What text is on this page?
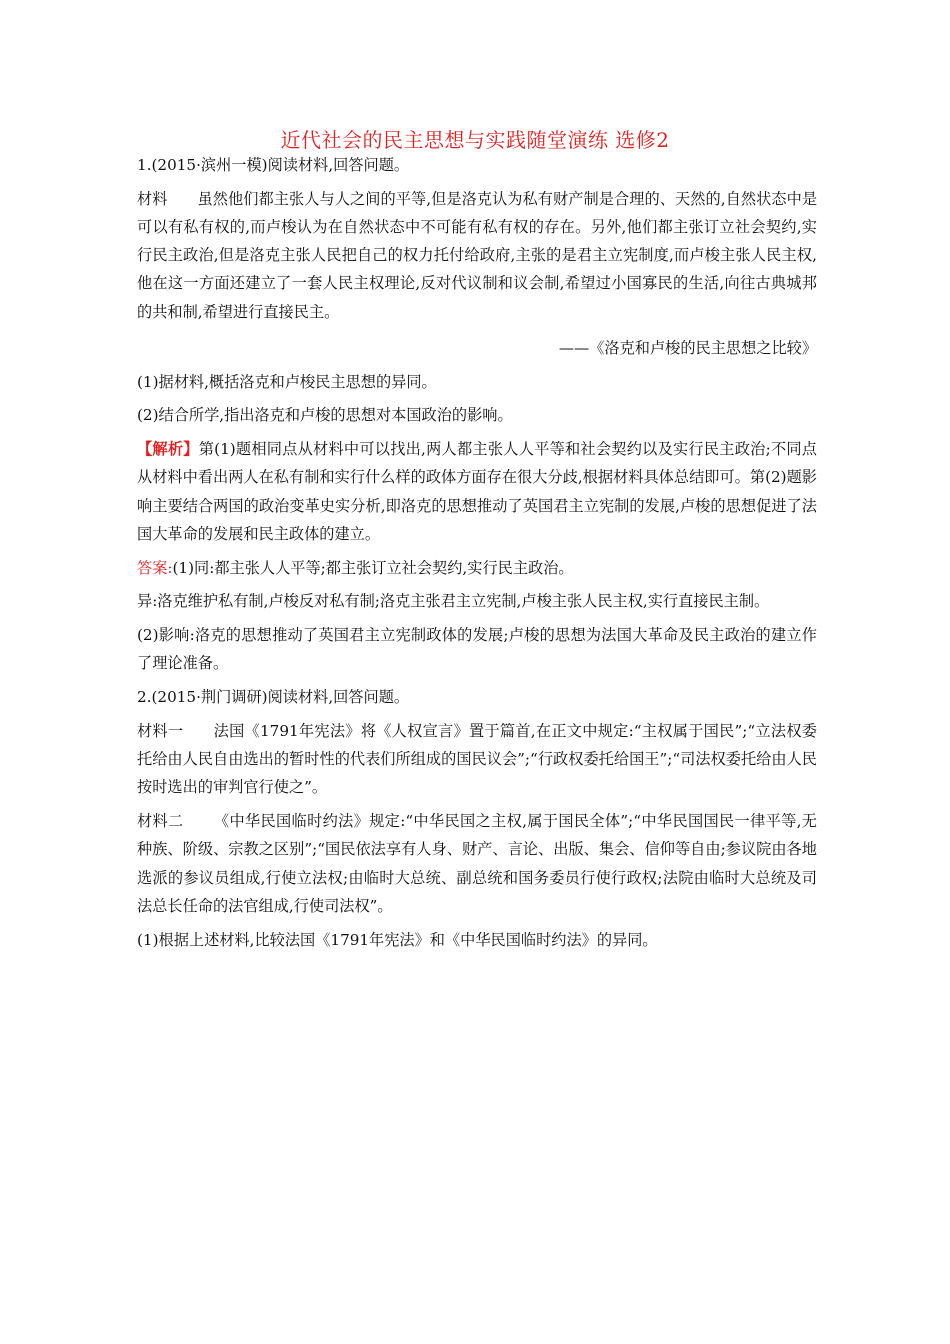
近代社会的民主思想与实践随堂演练 选修2

1.(2015·滨州一模)阅读材料,回答问题。

材料 虽然他们都主张人与人之间的平等,但是洛克认为私有财产制是合理的、天然的,自然状态中是可以有私有权的,而卢梭认为在自然状态中不可能有私有权的存在。另外,他们都主张订立社会契约,实行民主政治,但是洛克主张人民把自己的权力托付给政府,主张的是君主立宪制度,而卢梭主张人民主权,他在这一方面还建立了一套人民主权理论,反对代议制和议会制,希望过小国寡民的生活,向往古典城邦的共和制,希望进行直接民主。

——《洛克和卢梭的民主思想之比较》

(1)据材料,概括洛克和卢梭民主思想的异同。

(2)结合所学,指出洛克和卢梭的思想对本国政治的影响。

【解析】第(1)题相同点从材料中可以找出,两人都主张人人平等和社会契约以及实行民主政治;不同点从材料中看出两人在私有制和实行什么样的政体方面存在很大分歧,根据材料具体总结即可。第(2)题影响主要结合两国的政治变革史实分析,即洛克的思想推动了英国君主立宪制的发展,卢梭的思想促进了法国大革命的发展和民主政体的建立。

答案:(1)同:都主张人人平等;都主张订立社会契约,实行民主政治。

异:洛克维护私有制,卢梭反对私有制;洛克主张君主立宪制,卢梭主张人民主权,实行直接民主制。

(2)影响:洛克的思想推动了英国君主立宪制政体的发展;卢梭的思想为法国大革命及民主政治的建立作了理论准备。

2.(2015·荆门调研)阅读材料,回答问题。

材料一 法国《1791年宪法》将《人权宣言》置于篇首,在正文中规定:“主权属于国民”;“立法权委托给由人民自由选出的暂时性的代表们所组成的国民议会”;“行政权委托给国王”;“司法权委托给由人民按时选出的审判官行使之”。

材料二 《中华民国临时约法》规定:“中华民国之主权,属于国民全体”;“中华民国国民一律平等,无种族、阶级、宗教之区别”;“国民依法享有人身、财产、言论、出版、集会、信仰等自由;参议院由各地选派的参议员组成,行使立法权;由临时大总统、副总统和国务委员行使行政权;法院由临时大总统及司法总长任命的法官组成,行使司法权”。

(1)根据上述材料,比较法国《1791年宪法》和《中华民国临时约法》的异同。
